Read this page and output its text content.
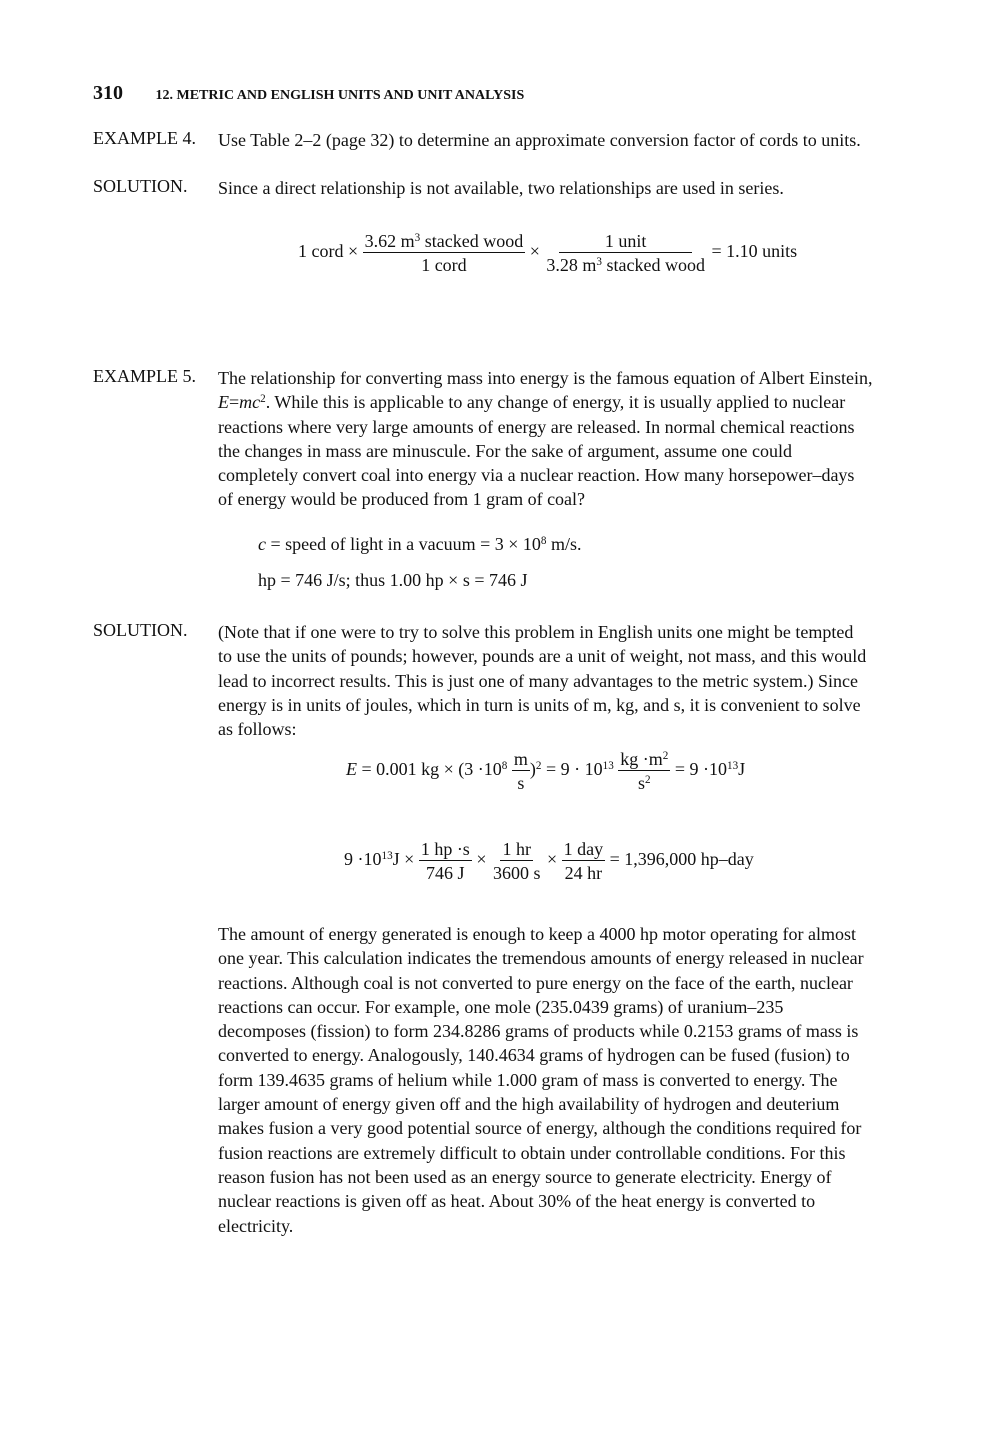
310 12. METRIC AND ENGLISH UNITS AND UNIT ANALYSIS
EXAMPLE 4. Use Table 2–2 (page 32) to determine an approximate conversion factor of cords to units.
SOLUTION. Since a direct relationship is not available, two relationships are used in series.
1 cord ×
3.62 $m^3$ stacked wood
1 cord
×
1 unit
3.28 $m^3$ stacked wood
= 1.10 units
EXAMPLE 5. The relationship for converting mass into energy is the famous equation of Albert Einstein,
$E=mc^2$. While this is applicable to any change of energy, it is usually applied to nuclear
reactions where very large amounts of energy are released. In normal chemical reactions
the changes in mass are minuscule. For the sake of argument, assume one could
completely convert coal into energy via a nuclear reaction. How many horsepower–days
of energy would be produced from 1 gram of coal?
c = speed of light in a vacuum = $3 \times 10^8$ m/s.
hp = 746 J/s; thus 1.00 hp × s = 746 J
SOLUTION. (Note that if one were to try to solve this problem in English units one might be tempted
to use the units of pounds; however, pounds are a unit of weight, not mass, and this would
lead to incorrect results. This is just one of many advantages to the metric system.) Since
energy is in units of joules, which in turn is units of m, kg, and s, it is convenient to solve
as follows:
E = 0.001 kg × $(3 \cdot 10^8 \frac{m}{s} )^2 = 9 \cdot 10^{13} \frac{kg \cdot m^2}{s^2} = 9 \cdot 10^{13}J$
$9 \cdot 10^{13}J \times \frac{1 hp \cdot s}{746 J} \times \frac{1 hr}{3600 s}$ ×
1 day
24 hr
= 1,396,000 hp–day
The amount of energy generated is enough to keep a 4000 hp motor operating for almost
one year. This calculation indicates the tremendous amounts of energy released in nuclear
reactions. Although coal is not converted to pure energy on the face of the earth, nuclear
reactions can occur. For example, one mole (235.0439 grams) of uranium–235
decomposes (fission) to form 234.8286 grams of products while 0.2153 grams of mass is
converted to energy. Analogously, 140.4634 grams of hydrogen can be fused (fusion) to
form 139.4635 grams of helium while 1.000 gram of mass is converted to energy. The
larger amount of energy given off and the high availability of hydrogen and deuterium
makes fusion a very good potential source of energy, although the conditions required for
fusion reactions are extremely difficult to obtain under controllable conditions. For this
reason fusion has not been used as an energy source to generate electricity. Energy of
nuclear reactions is given off as heat. About 30% of the heat energy is converted to
electricity.
